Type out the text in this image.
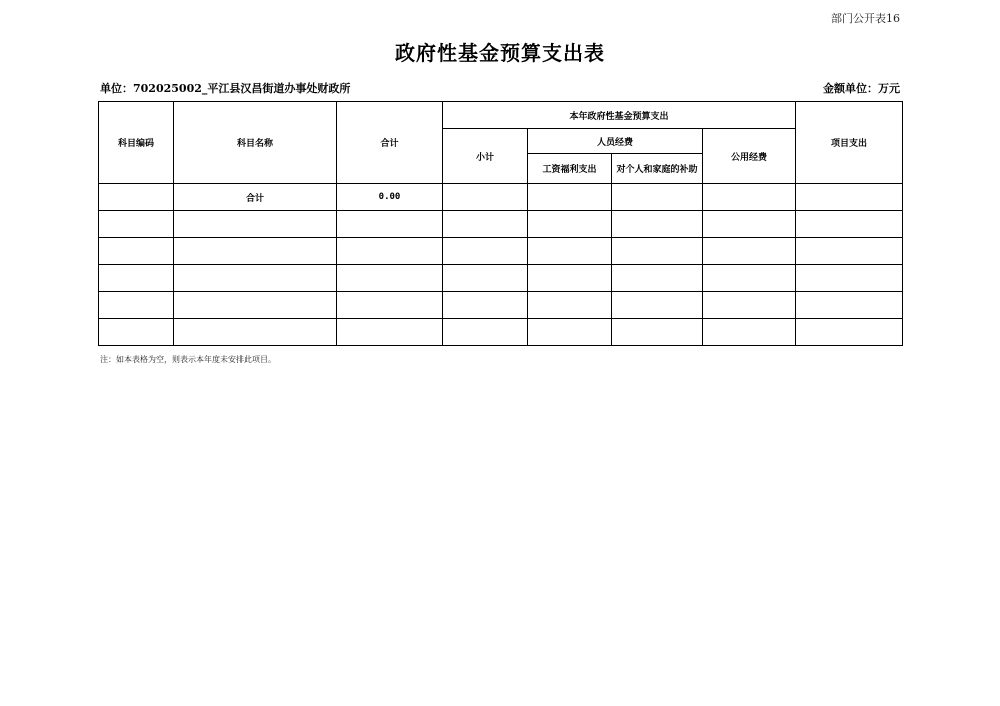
部门公开表16
政府性基金预算支出表
单位：702025002_平江县汉昌街道办事处财政所	金额单位：万元
科目编码	科目名称	合计	本年政府性基金预算支出				项目支出
			小计	人员经费		公用经费	
				工资福利支出	对个人和家庭的补助		
	合计	0.00					

注：如本表格为空，则表示本年度未安排此项目。
